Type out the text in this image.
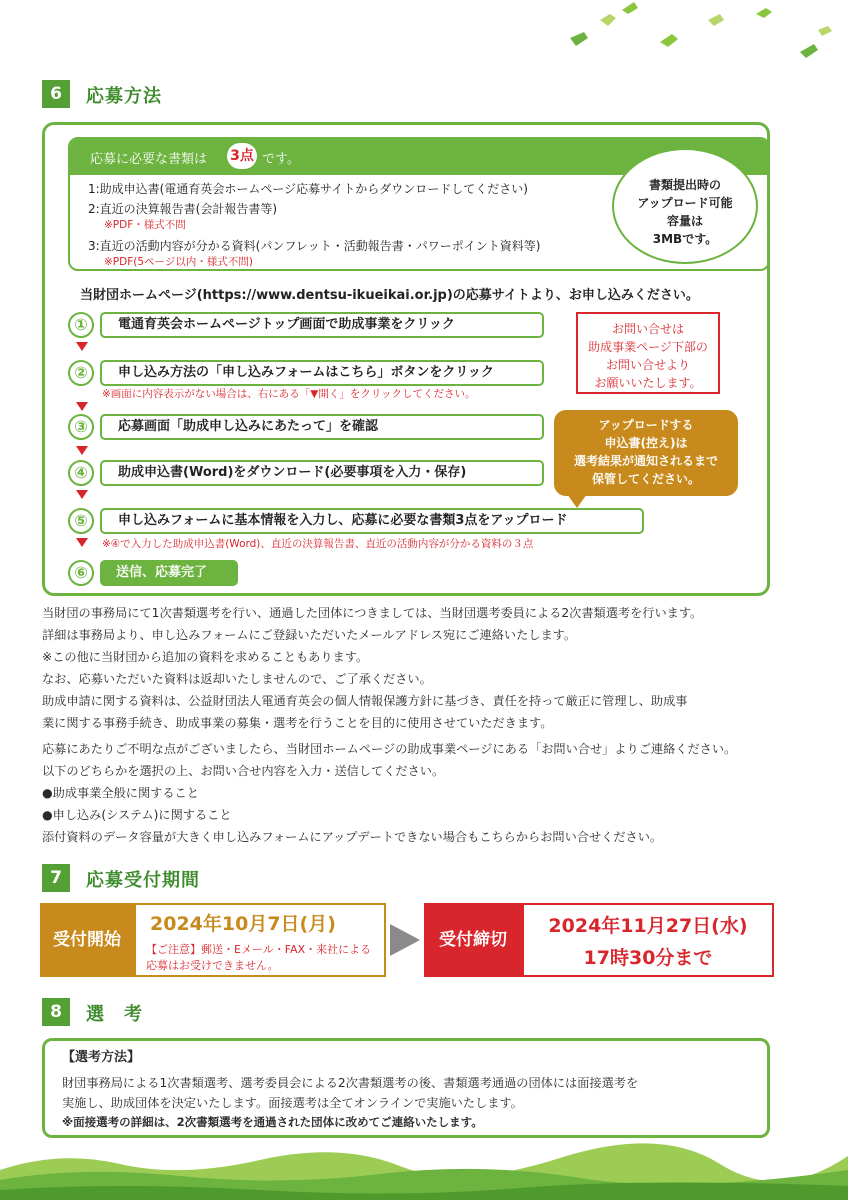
6	応募方法
応募に必要な書類は 3点 です。
1:助成申込書(電通育英会ホームページ応募サイトからダウンロードしてください)
2:直近の決算報告書(会計報告書等)
※PDF・様式不問
3:直近の活動内容が分かる資料(パンフレット・活動報告書・パワーポイント資料等)
※PDF(5ページ以内・様式不問)
書類提出時の
アップロード可能
容量は
3MBです。
当財団ホームページ(https://www.dentsu-ikueikai.or.jp)の応募サイトより、お申し込みください。
①	電通育英会ホームページトップ画面で助成事業をクリック
②	申し込み方法の「申し込みフォームはこちら」ボタンをクリック
※画面に内容表示がない場合は、右にある「▼開く」をクリックしてください。
③	応募画面「助成申し込みにあたって」を確認
④	助成申込書(Word)をダウンロード(必要事項を入力・保存)
⑤	申し込みフォームに基本情報を入力し、応募に必要な書類3点をアップロード
※④で入力した助成申込書(Word)、直近の決算報告書、直近の活動内容が分かる資料の３点
⑥	送信、応募完了
お問い合せは
助成事業ページ下部の
お問い合せより
お願いいたします。
アップロードする
申込書(控え)は
選考結果が通知されるまで
保管してください。
当財団の事務局にて1次書類選考を行い、通過した団体につきましては、当財団選考委員による2次書類選考を行います。
詳細は事務局より、申し込みフォームにご登録いただいたメールアドレス宛にご連絡いたします。
※この他に当財団から追加の資料を求めることもあります。
なお、応募いただいた資料は返却いたしませんので、ご了承ください。
助成申請に関する資料は、公益財団法人電通育英会の個人情報保護方針に基づき、責任を持って厳正に管理し、助成事
業に関する事務手続き、助成事業の募集・選考を行うことを目的に使用させていただきます。
応募にあたりご不明な点がございましたら、当財団ホームページの助成事業ページにある「お問い合せ」よりご連絡ください。
以下のどちらかを選択の上、お問い合せ内容を入力・送信してください。
●助成事業全般に関すること
●申し込み(システム)に関すること
添付資料のデータ容量が大きく申し込みフォームにアップデートできない場合もこちらからお問い合せください。
7	応募受付期間
受付開始
2024年10月7日(月)
【ご注意】郵送・Eメール・FAX・来社による
応募はお受けできません。
受付締切
2024年11月27日(水)
17時30分まで
8	選　考
【選考方法】
財団事務局による1次書類選考、選考委員会による2次書類選考の後、書類選考通過の団体には面接選考を
実施し、助成団体を決定いたします。面接選考は全てオンラインで実施いたします。
※面接選考の詳細は、2次書類選考を通過された団体に改めてご連絡いたします。
